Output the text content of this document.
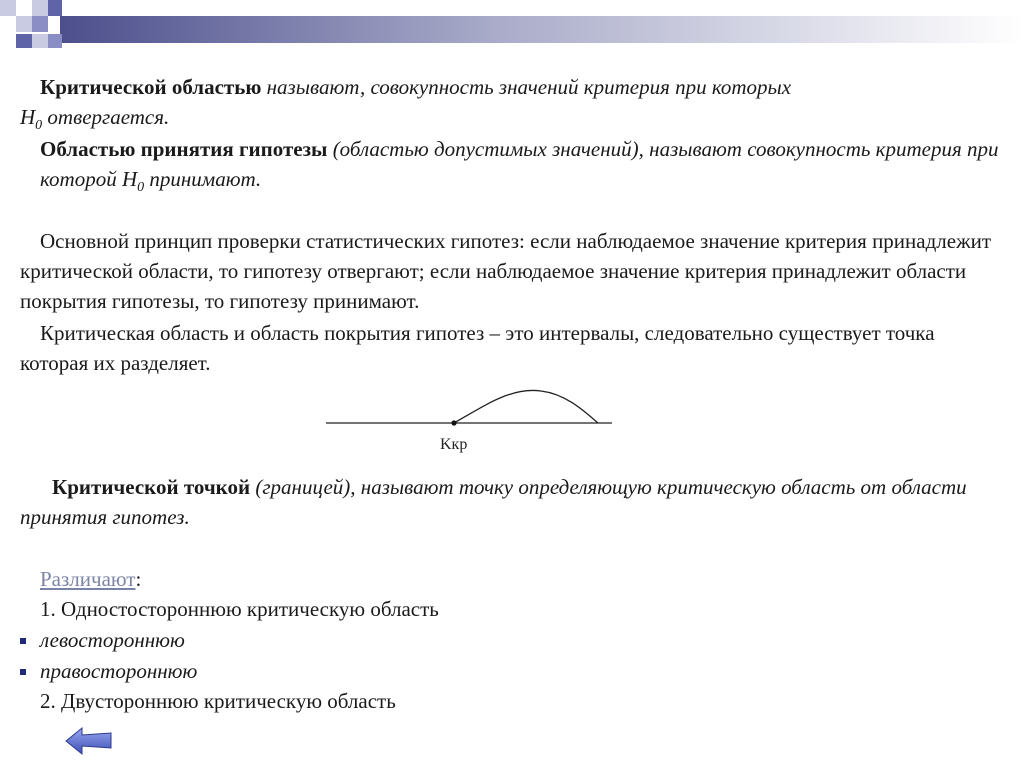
Критической областью называют, совокупность значений критерия при которых

$H_0$ отвергается.

Областью принятия гипотезы (областью допустимых значений), называют совокупность критерия при которой $H_0$ принимают.

Основной принцип проверки статистических гипотез: если наблюдаемое значение критерия принадлежит критической области, то гипотезу отвергают; если наблюдаемое значение критерия принадлежит области покрытия гипотезы, то гипотезу принимают.

Критическая область и область покрытия гипотез – это интервалы, следовательно существует точка которая их разделяет.

Kкр

Критической точкой (границей), называют точку определяющую критическую область от области принятия гипотез.

Различают:

1. Одностостороннюю критическую область

левостороннюю
правостороннюю

2. Двустороннюю критическую область
